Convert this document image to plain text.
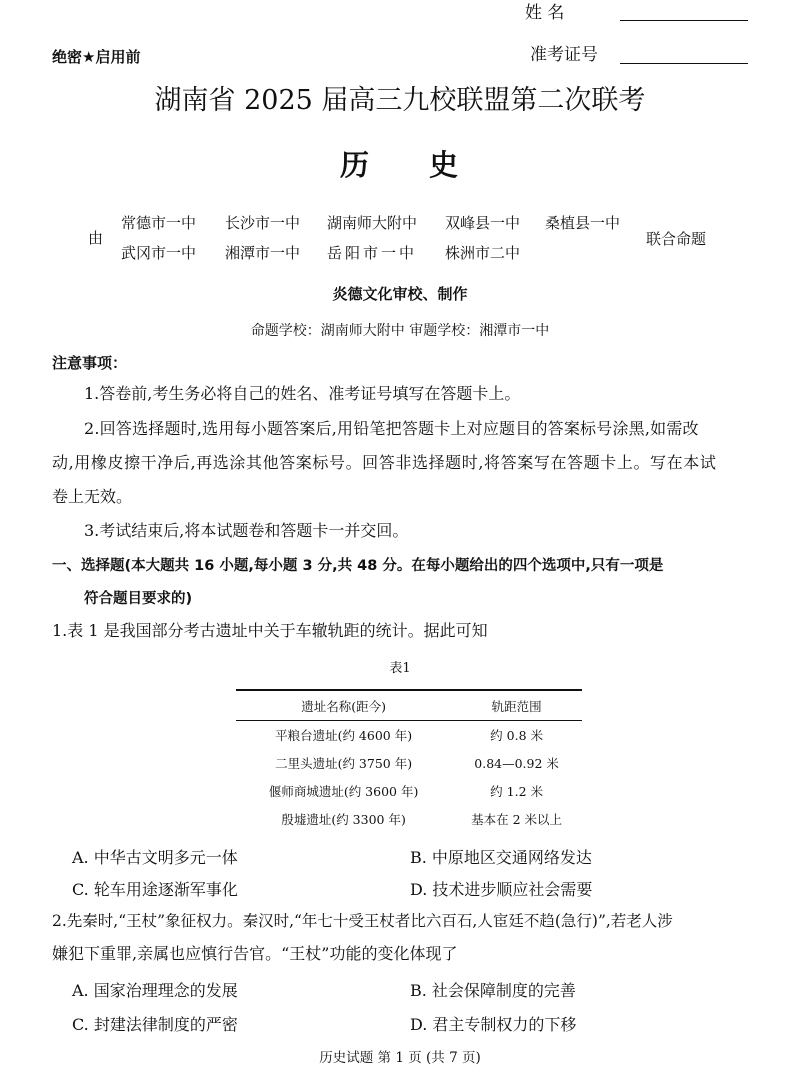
姓 名
绝密★启用前	准考证号
湖南省 2025 届高三九校联盟第二次联考
历 史
由
常德市一中 长沙市一中 湖南师大附中 双峰县一中 桑植县一中
武冈市一中 湘潭市一中 岳阳市一中 株洲市二中
联合命题
炎德文化审校、制作
命题学校：湖南师大附中 审题学校：湘潭市一中
注意事项：
1.答卷前,考生务必将自己的姓名、准考证号填写在答题卡上。
2.回答选择题时,选用每小题答案后,用铅笔把答题卡上对应题目的答案标号涂黑,如需改
动,用橡皮擦干净后,再选涂其他答案标号。回答非选择题时,将答案写在答题卡上。写在本试
卷上无效。
3.考试结束后,将本试题卷和答题卡一并交回。
一、选择题(本大题共 16 小题,每小题 3 分,共 48 分。在每小题给出的四个选项中,只有一项是
符合题目要求的)
1.表 1 是我国部分考古遗址中关于车辙轨距的统计。据此可知
表1
遗址名称(距今)	轨距范围
平粮台遗址(约 4600 年)	约 0.8 米
二里头遗址(约 3750 年)	0.84—0.92 米
偃师商城遗址(约 3600 年)	约 1.2 米
殷墟遗址(约 3300 年)	基本在 2 米以上
A. 中华古文明多元一体	B. 中原地区交通网络发达
C. 轮车用途逐渐军事化	D. 技术进步顺应社会需要
2.先秦时,“王杖”象征权力。秦汉时,“年七十受王杖者比六百石,人宦廷不趋(急行)”,若老人涉
嫌犯下重罪,亲属也应慎行告官。“王杖”功能的变化体现了
A. 国家治理理念的发展	B. 社会保障制度的完善
C. 封建法律制度的严密	D. 君主专制权力的下移
历史试题 第 1 页 (共 7 页)
